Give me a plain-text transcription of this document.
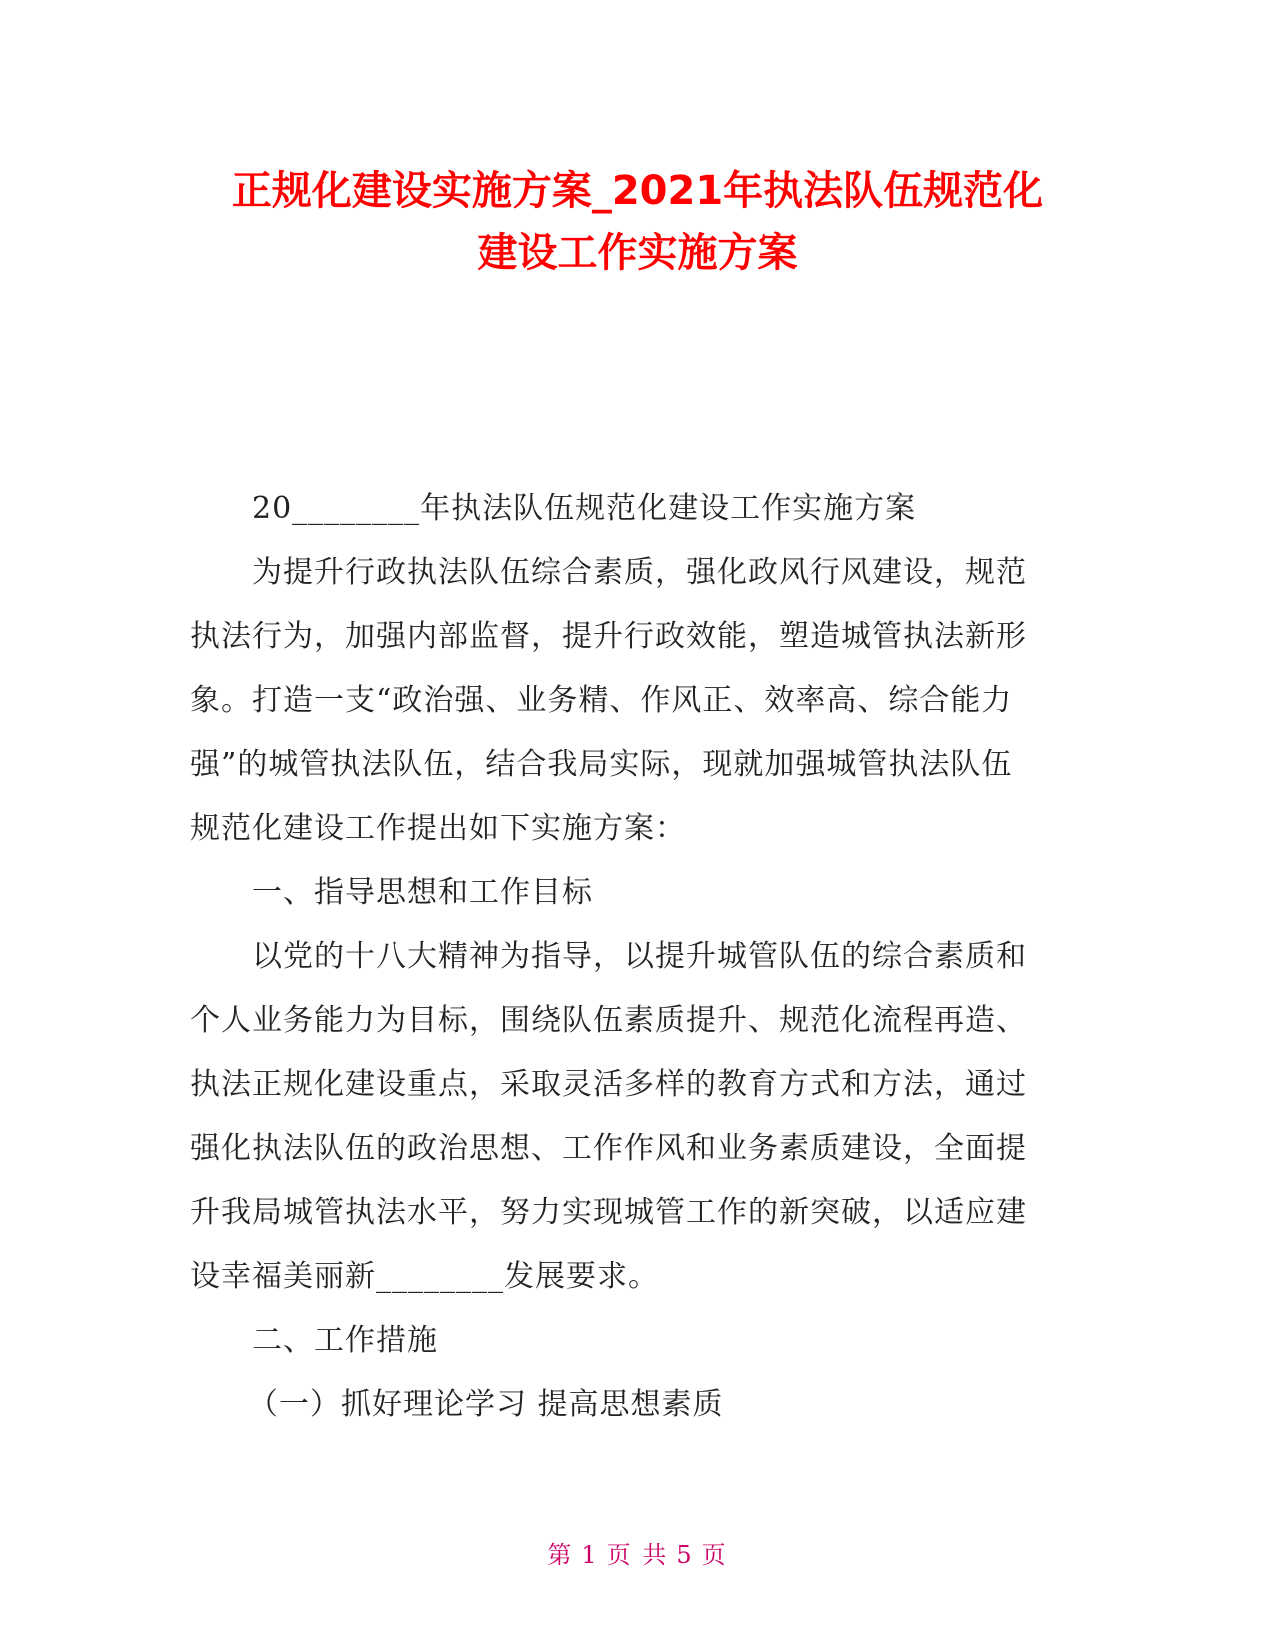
正规化建设实施方案_2021年执法队伍规范化
建设工作实施方案

20________年执法队伍规范化建设工作实施方案

为提升行政执法队伍综合素质，强化政风行风建设，规范

执法行为，加强内部监督，提升行政效能，塑造城管执法新形

象。打造一支“政治强、业务精、作风正、效率高、综合能力

强”的城管执法队伍，结合我局实际，现就加强城管执法队伍

规范化建设工作提出如下实施方案：

一、指导思想和工作目标

以党的十八大精神为指导，以提升城管队伍的综合素质和

个人业务能力为目标，围绕队伍素质提升、规范化流程再造、

执法正规化建设重点，采取灵活多样的教育方式和方法，通过

强化执法队伍的政治思想、工作作风和业务素质建设，全面提

升我局城管执法水平，努力实现城管工作的新突破，以适应建

设幸福美丽新________发展要求。

二、工作措施

（一）抓好理论学习 提高思想素质

第 1 页 共 5 页
